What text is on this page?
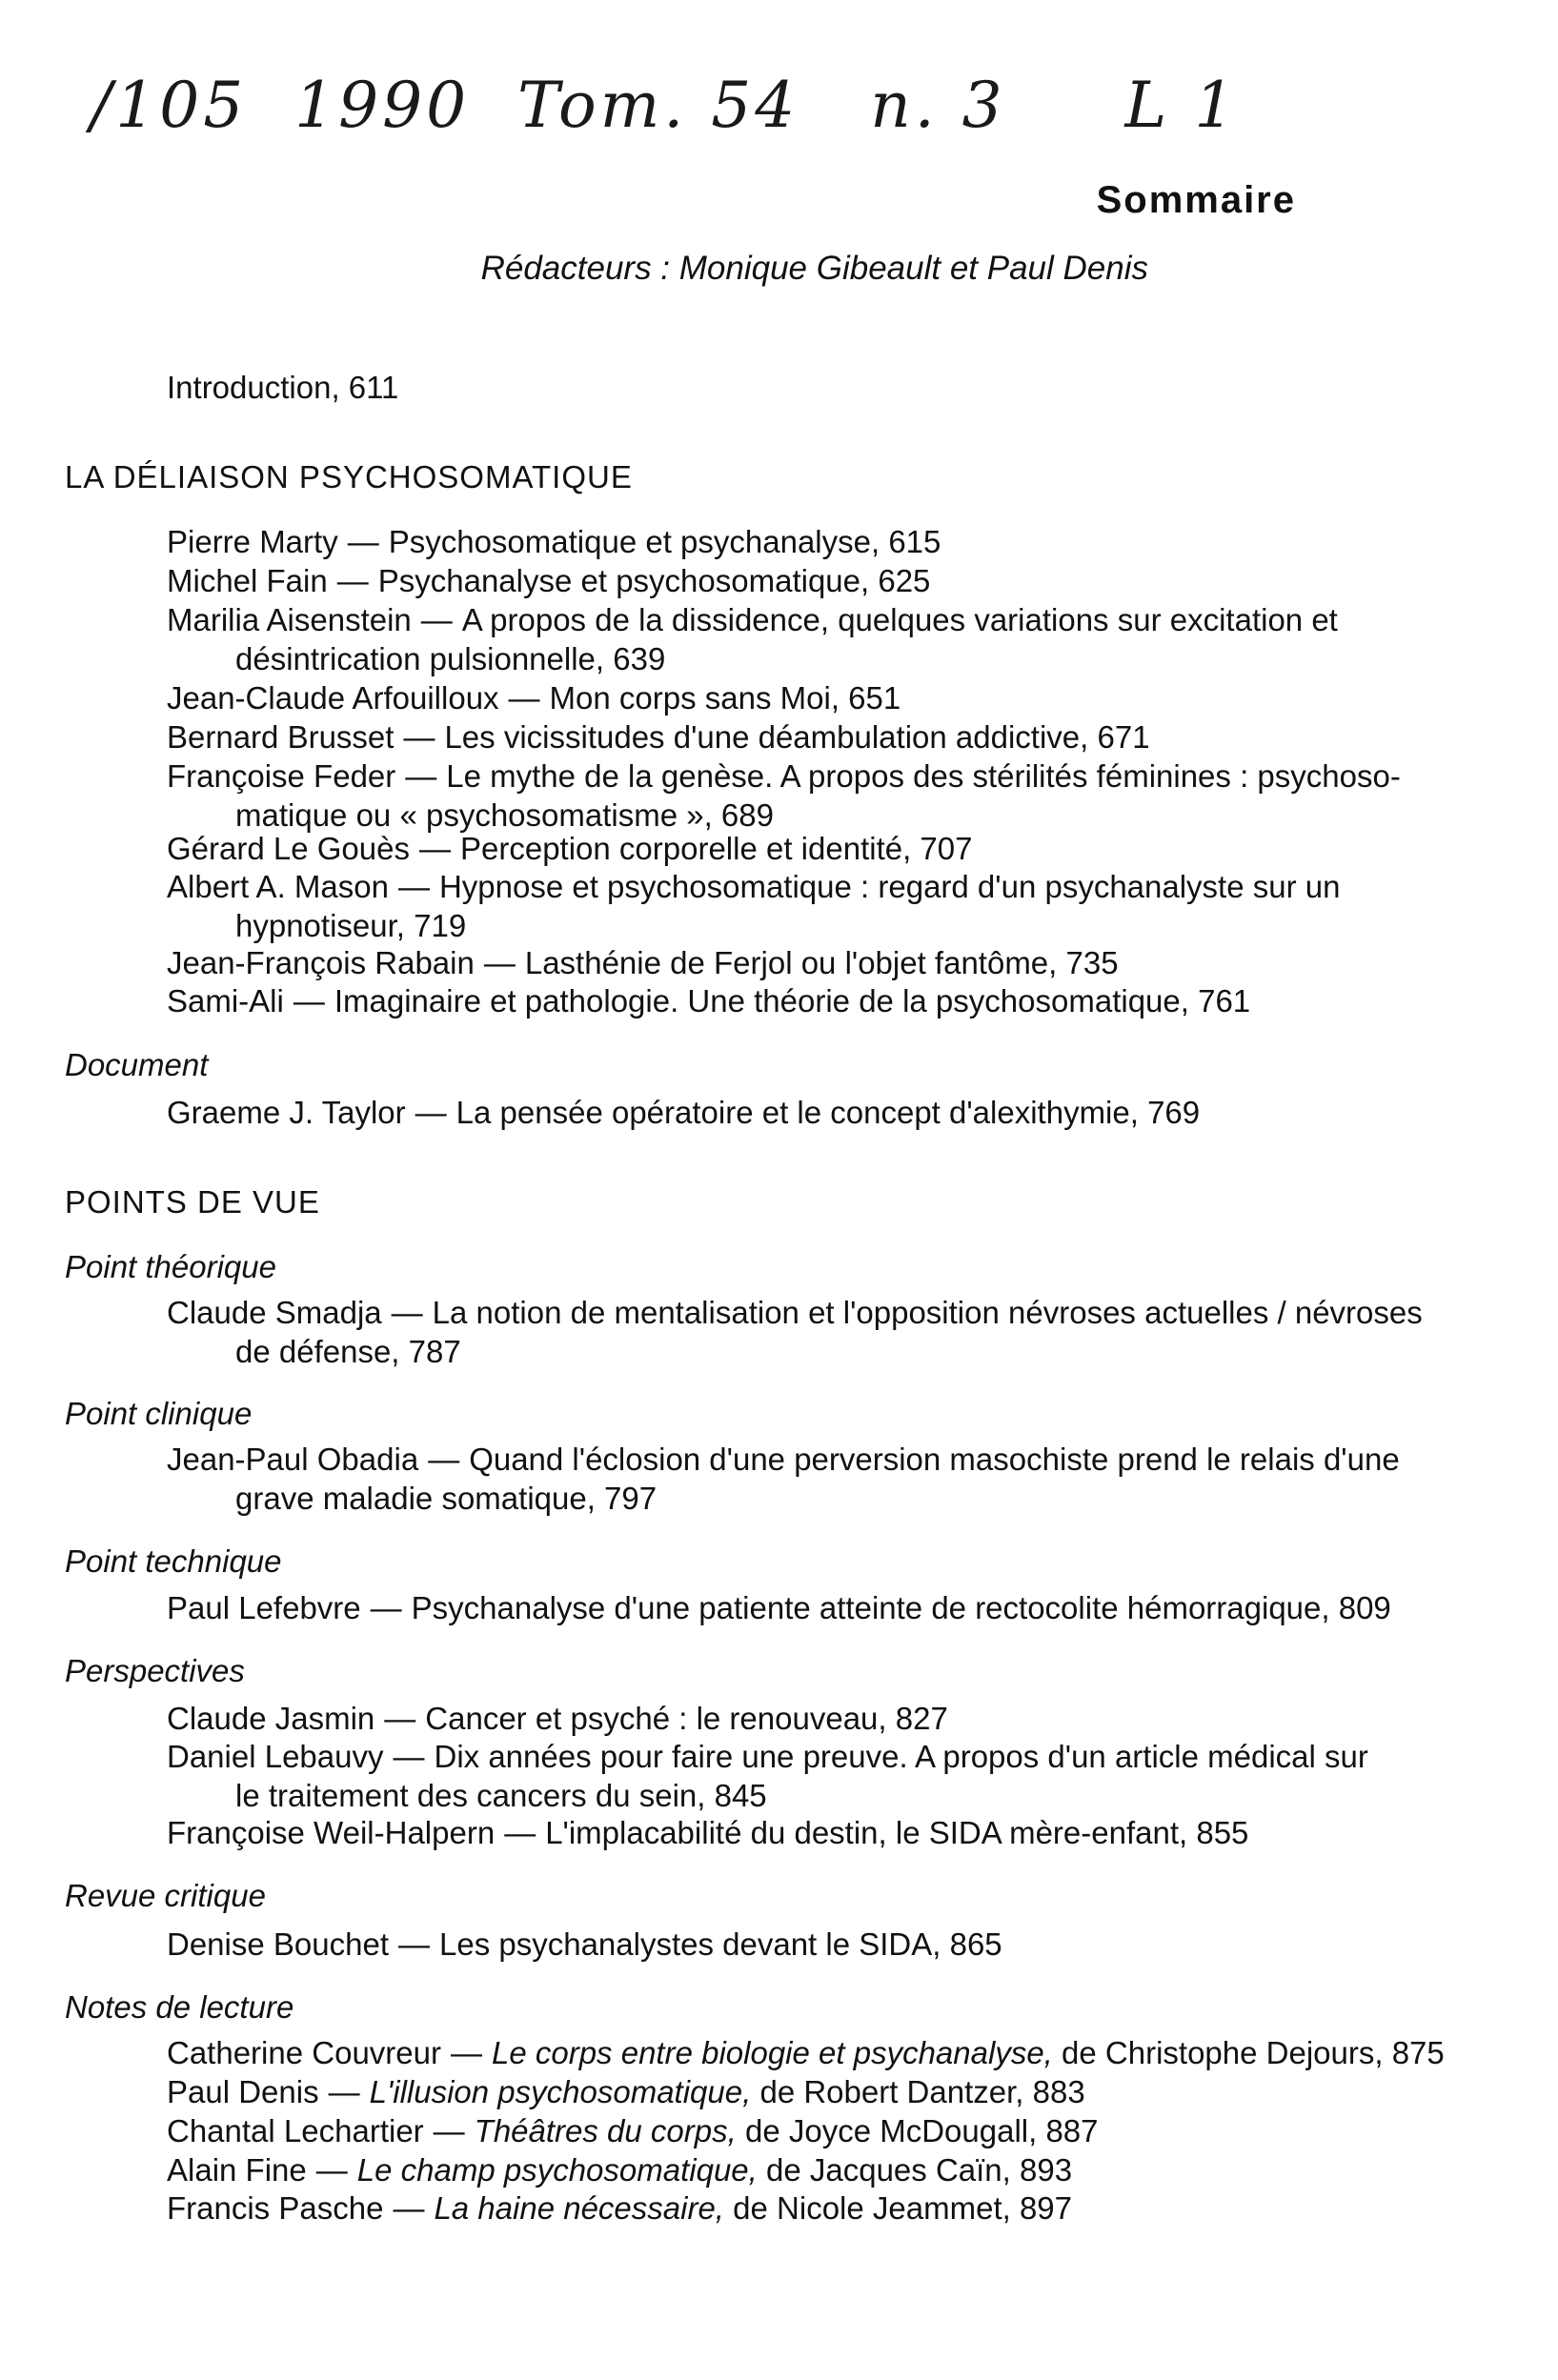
/105  1990  Tom. 54   n. 3     L 1
Sommaire
Rédacteurs : Monique Gibeault et Paul Denis
Introduction, 611
LA DÉLIAISON PSYCHOSOMATIQUE
Pierre Marty — Psychosomatique et psychanalyse, 615
Michel Fain — Psychanalyse et psychosomatique, 625
Marilia Aisenstein — A propos de la dissidence, quelques variations sur excitation et
désintrication pulsionnelle, 639
Jean-Claude Arfouilloux — Mon corps sans Moi, 651
Bernard Brusset — Les vicissitudes d'une déambulation addictive, 671
Françoise Feder — Le mythe de la genèse. A propos des stérilités féminines : psychoso-
matique ou « psychosomatisme », 689
Gérard Le Gouès — Perception corporelle et identité, 707
Albert A. Mason — Hypnose et psychosomatique : regard d'un psychanalyste sur un
hypnotiseur, 719
Jean-François Rabain — Lasthénie de Ferjol ou l'objet fantôme, 735
Sami-Ali — Imaginaire et pathologie. Une théorie de la psychosomatique, 761
Document
Graeme J. Taylor — La pensée opératoire et le concept d'alexithymie, 769
POINTS DE VUE
Point théorique
Claude Smadja — La notion de mentalisation et l'opposition névroses actuelles / névroses
de défense, 787
Point clinique
Jean-Paul Obadia — Quand l'éclosion d'une perversion masochiste prend le relais d'une
grave maladie somatique, 797
Point technique
Paul Lefebvre — Psychanalyse d'une patiente atteinte de rectocolite hémorragique, 809
Perspectives
Claude Jasmin — Cancer et psyché : le renouveau, 827
Daniel Lebauvy — Dix années pour faire une preuve. A propos d'un article médical sur
le traitement des cancers du sein, 845
Françoise Weil-Halpern — L'implacabilité du destin, le SIDA mère-enfant, 855
Revue critique
Denise Bouchet — Les psychanalystes devant le SIDA, 865
Notes de lecture
Catherine Couvreur — Le corps entre biologie et psychanalyse, de Christophe Dejours, 875
Paul Denis — L'illusion psychosomatique, de Robert Dantzer, 883
Chantal Lechartier — Théâtres du corps, de Joyce McDougall, 887
Alain Fine — Le champ psychosomatique, de Jacques Caïn, 893
Francis Pasche — La haine nécessaire, de Nicole Jeammet, 897
